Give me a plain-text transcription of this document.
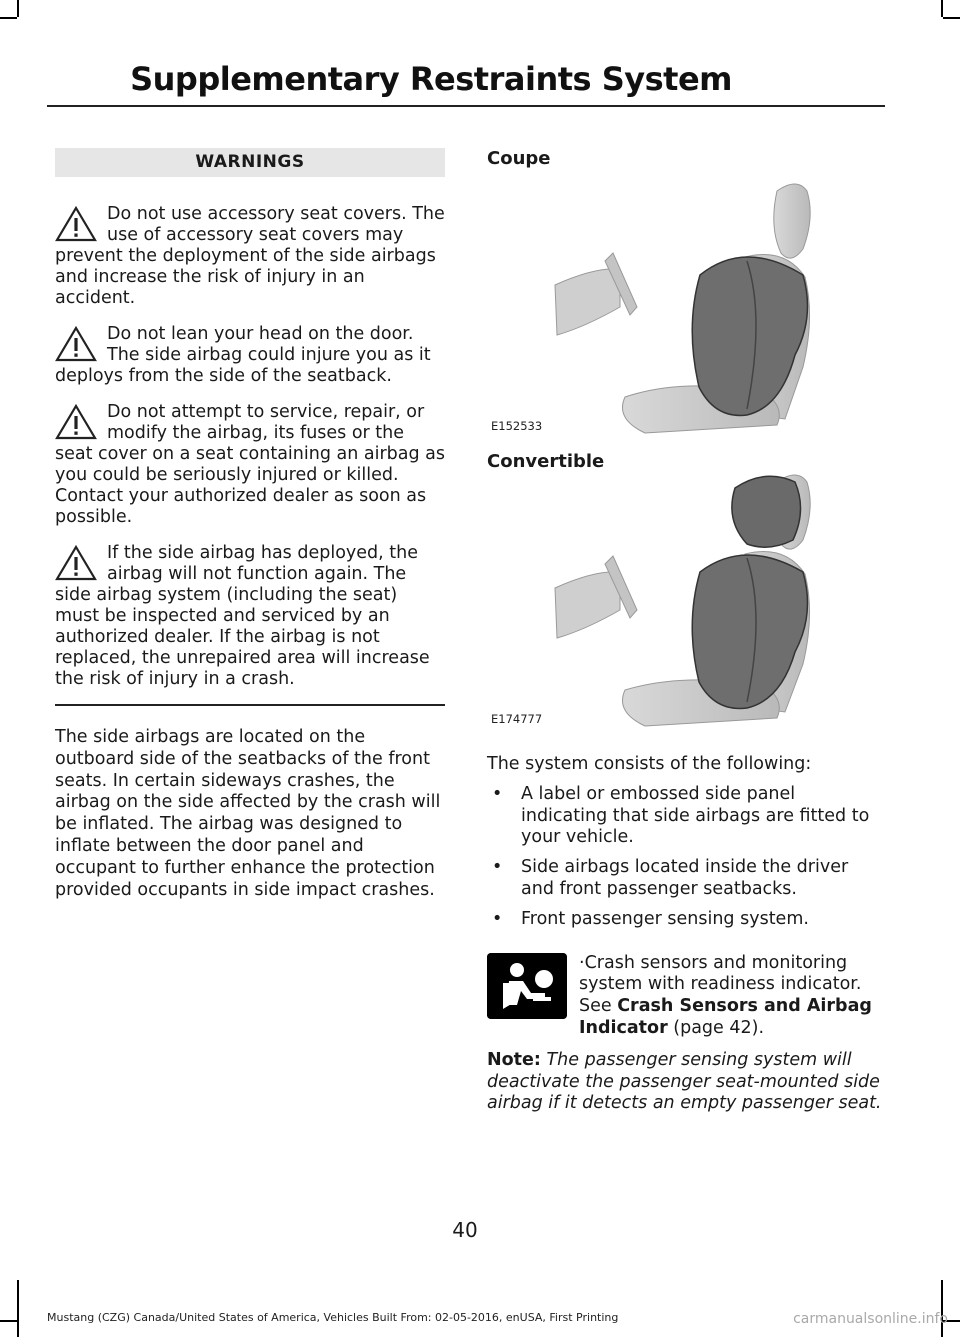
Supplementary Restraints System
WARNINGS
Do not use accessory seat covers. The use of accessory seat covers may prevent the deployment of the side airbags and increase the risk of injury in an accident.
Do not lean your head on the door. The side airbag could injure you as it deploys from the side of the seatback.
Do not attempt to service, repair, or modify the airbag, its fuses or the seat cover on a seat containing an airbag as you could be seriously injured or killed. Contact your authorized dealer as soon as possible.
If the side airbag has deployed, the airbag will not function again. The side airbag system (including the seat) must be inspected and serviced by an authorized dealer. If the airbag is not replaced, the unrepaired area will increase the risk of injury in a crash.
The side airbags are located on the outboard side of the seatbacks of the front seats. In certain sideways crashes, the airbag on the side affected by the crash will be inflated. The airbag was designed to inflate between the door panel and occupant to further enhance the protection provided occupants in side impact crashes.
Coupe
E152533
Convertible
E174777
The system consists of the following:
• A label or embossed side panel indicating that side airbags are fitted to your vehicle.
• Side airbags located inside the driver and front passenger seatbacks.
• Front passenger sensing system.
·Crash sensors and monitoring system with readiness indicator. See Crash Sensors and Airbag Indicator (page 42).
Note: The passenger sensing system will deactivate the passenger seat-mounted side airbag if it detects an empty passenger seat.
40
Mustang (CZG) Canada/United States of America, Vehicles Built From: 02-05-2016, enUSA, First Printing	carmanualsonline.info
